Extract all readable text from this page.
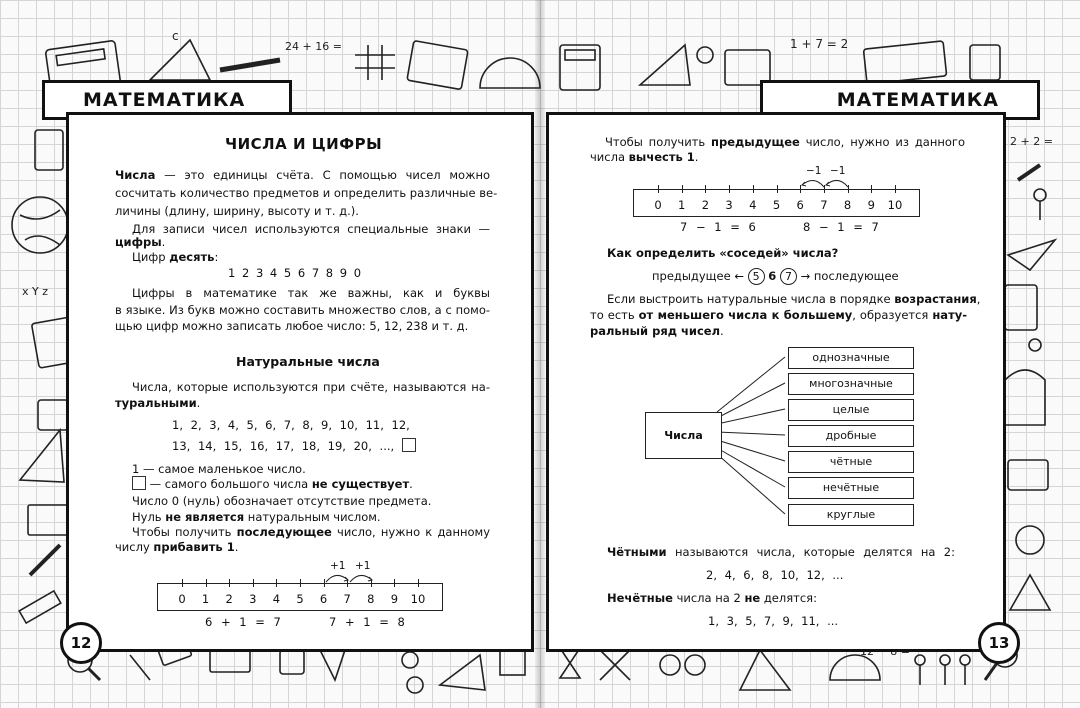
c
24 + 16 =	1 + 7 = 2
x Y z
2 + 2 =
МАТЕМАТИКА	МАТЕМАТИКА
ЧИСЛА И ЦИФРЫ
Числа — это единицы счёта. С помощью чисел можно
сосчитать количество предметов и определить различные ве-
личины (длину, ширину, высоту и т. д.).
Для записи чисел используются специальные знаки —
цифры.
Цифр десять:
1 2 3 4 5 6 7 8 9 0
Цифры в математике так же важны, как и буквы
в языке. Из букв можно составить множество слов, а с помо-
щью цифр можно записать любое число: 5, 12, 238 и т. д.
Натуральные числа
Числа, которые используются при счёте, называются на-
туральными.
1, 2, 3, 4, 5, 6, 7, 8, 9, 10, 11, 12,
13, 14, 15, 16, 17, 18, 19, 20, ...,
1 — самое маленькое число.
— самого большого числа не существует.
Число 0 (нуль) обозначает отсутствие предмета.
Нуль не является натуральным числом.
Чтобы получить последующее число, нужно к данному
числу прибавить 1.
+1 +1
0	1	2	3	4	5	6	7	8	9	10
6 + 1 = 7	7 + 1 = 8
Чтобы получить предыдущее число, нужно из данного
числа вычесть 1.
−1 −1
0	1	2	3	4	5	6	7	8	9	10
7 − 1 = 6	8 − 1 = 7
Как определить «соседей» числа?
предыдущее ← 5 6 7 → последующее
Если выстроить натуральные числа в порядке возрастания,
то есть от меньшего числа к большему, образуется нату-
ральный ряд чисел.
Числа
однозначные
многозначные
целые
дробные
чётные
нечётные
круглые
Чётными называются числа, которые делятся на 2:
2, 4, 6, 8, 10, 12, ...
Нечётные числа на 2 не делятся:
1, 3, 5, 7, 9, 11, ...
12	13
